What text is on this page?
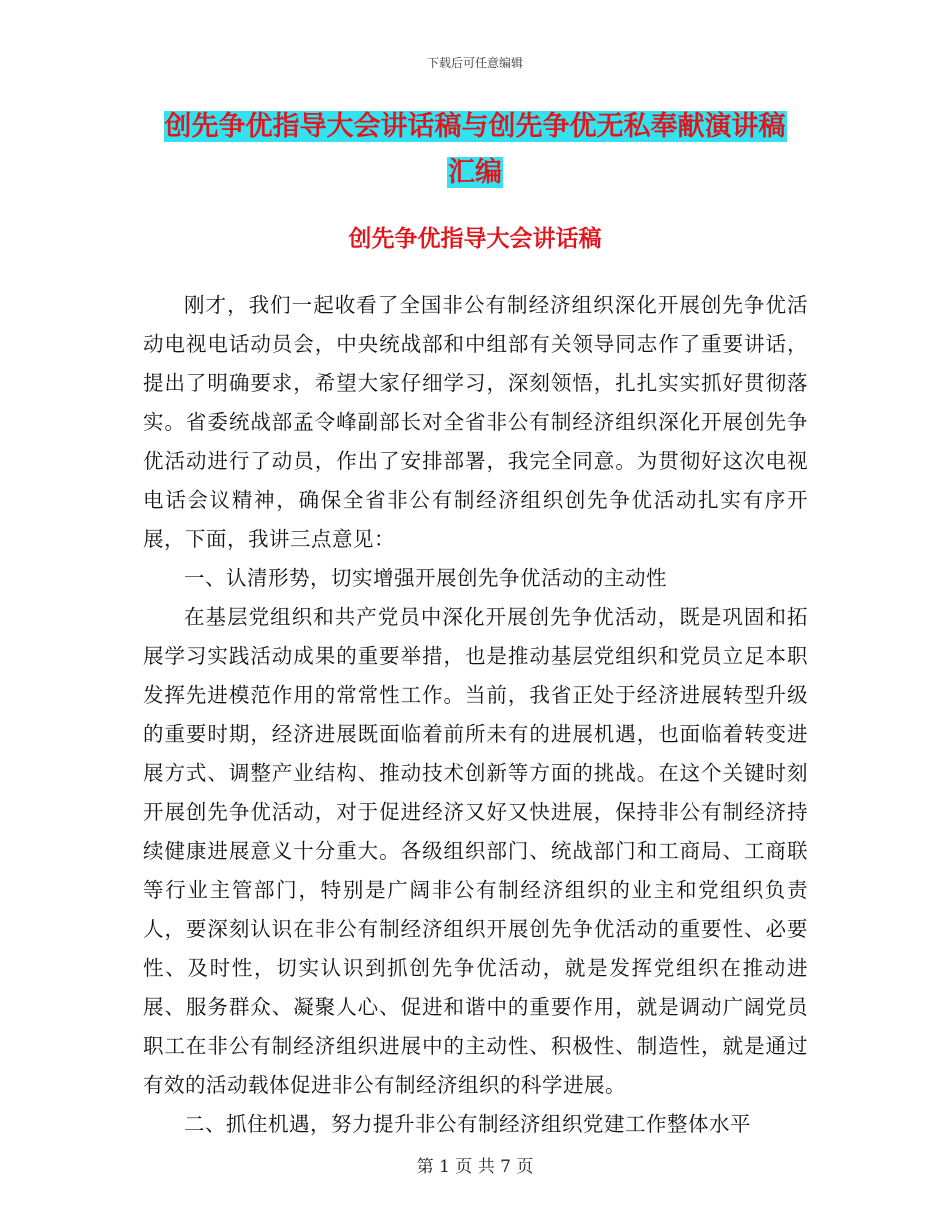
下载后可任意编辑
创先争优指导大会讲话稿与创先争优无私奉献演讲稿
汇编
创先争优指导大会讲话稿

刚才，我们一起收看了全国非公有制经济组织深化开展创先争优活动电视电话动员会，中央统战部和中组部有关领导同志作了重要讲话，提出了明确要求，希望大家仔细学习，深刻领悟，扎扎实实抓好贯彻落实。省委统战部孟令峰副部长对全省非公有制经济组织深化开展创先争优活动进行了动员，作出了安排部署，我完全同意。为贯彻好这次电视电话会议精神，确保全省非公有制经济组织创先争优活动扎实有序开展，下面，我讲三点意见：

一、认清形势，切实增强开展创先争优活动的主动性

在基层党组织和共产党员中深化开展创先争优活动，既是巩固和拓展学习实践活动成果的重要举措，也是推动基层党组织和党员立足本职发挥先进模范作用的常常性工作。当前，我省正处于经济进展转型升级的重要时期，经济进展既面临着前所未有的进展机遇，也面临着转变进展方式、调整产业结构、推动技术创新等方面的挑战。在这个关键时刻开展创先争优活动，对于促进经济又好又快进展，保持非公有制经济持续健康进展意义十分重大。各级组织部门、统战部门和工商局、工商联等行业主管部门，特别是广阔非公有制经济组织的业主和党组织负责人，要深刻认识在非公有制经济组织开展创先争优活动的重要性、必要性、及时性，切实认识到抓创先争优活动，就是发挥党组织在推动进展、服务群众、凝聚人心、促进和谐中的重要作用，就是调动广阔党员职工在非公有制经济组织进展中的主动性、积极性、制造性，就是通过有效的活动载体促进非公有制经济组织的科学进展。

二、抓住机遇，努力提升非公有制经济组织党建工作整体水平

第 1 页 共 7 页
